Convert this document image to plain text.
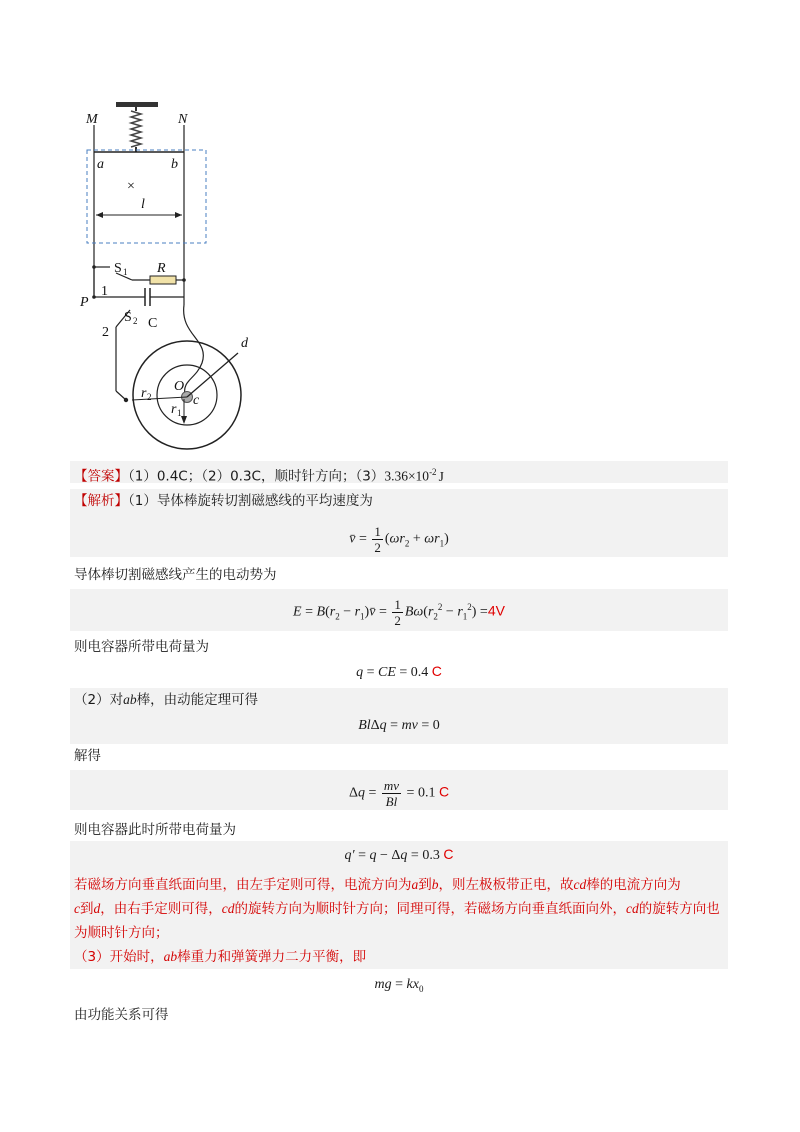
M	N
a	b
×
l
S 1 R
P
1
S 2 C
2
d
O
c
r 2
r 1
【答案】（1）0.4C；（2）0.3C，顺时针方向；$(3)3.36\times 10^{-2}$ J
【解析】（1）导体棒旋转切割磁感线的平均速度为
v̄ = $\frac{1}{2} (\omega r_2 + \omega r_1)$
导体棒切割磁感线产生的电动势为
$E = B(r_2$ − $r_1)v̄ = \frac{1}{2} B\omega(r_2^2 - r_1^2) =4V$
则电容器所带电荷量为
q = CE = 0.4 C
（2）对ab棒，由动能定理可得
BlΔq = mv = 0
解得
$\Delta q = \frac{mv}{Bl} = 0.1$ C
则电容器此时所带电荷量为
q′ = q − Δq = 0.3 C
若磁场方向垂直纸面向里，由左手定则可得，电流方向为a到b，则左极板带正电，故cd棒的电流方向为
c到d，由右手定则可得，cd的旋转方向为顺时针方向；同理可得，若磁场方向垂直纸面向外，cd的旋转方向也为顺时针方向；
（3）开始时，ab棒重力和弹簧弹力二力平衡，即
mg = $kx_0$
由功能关系可得
